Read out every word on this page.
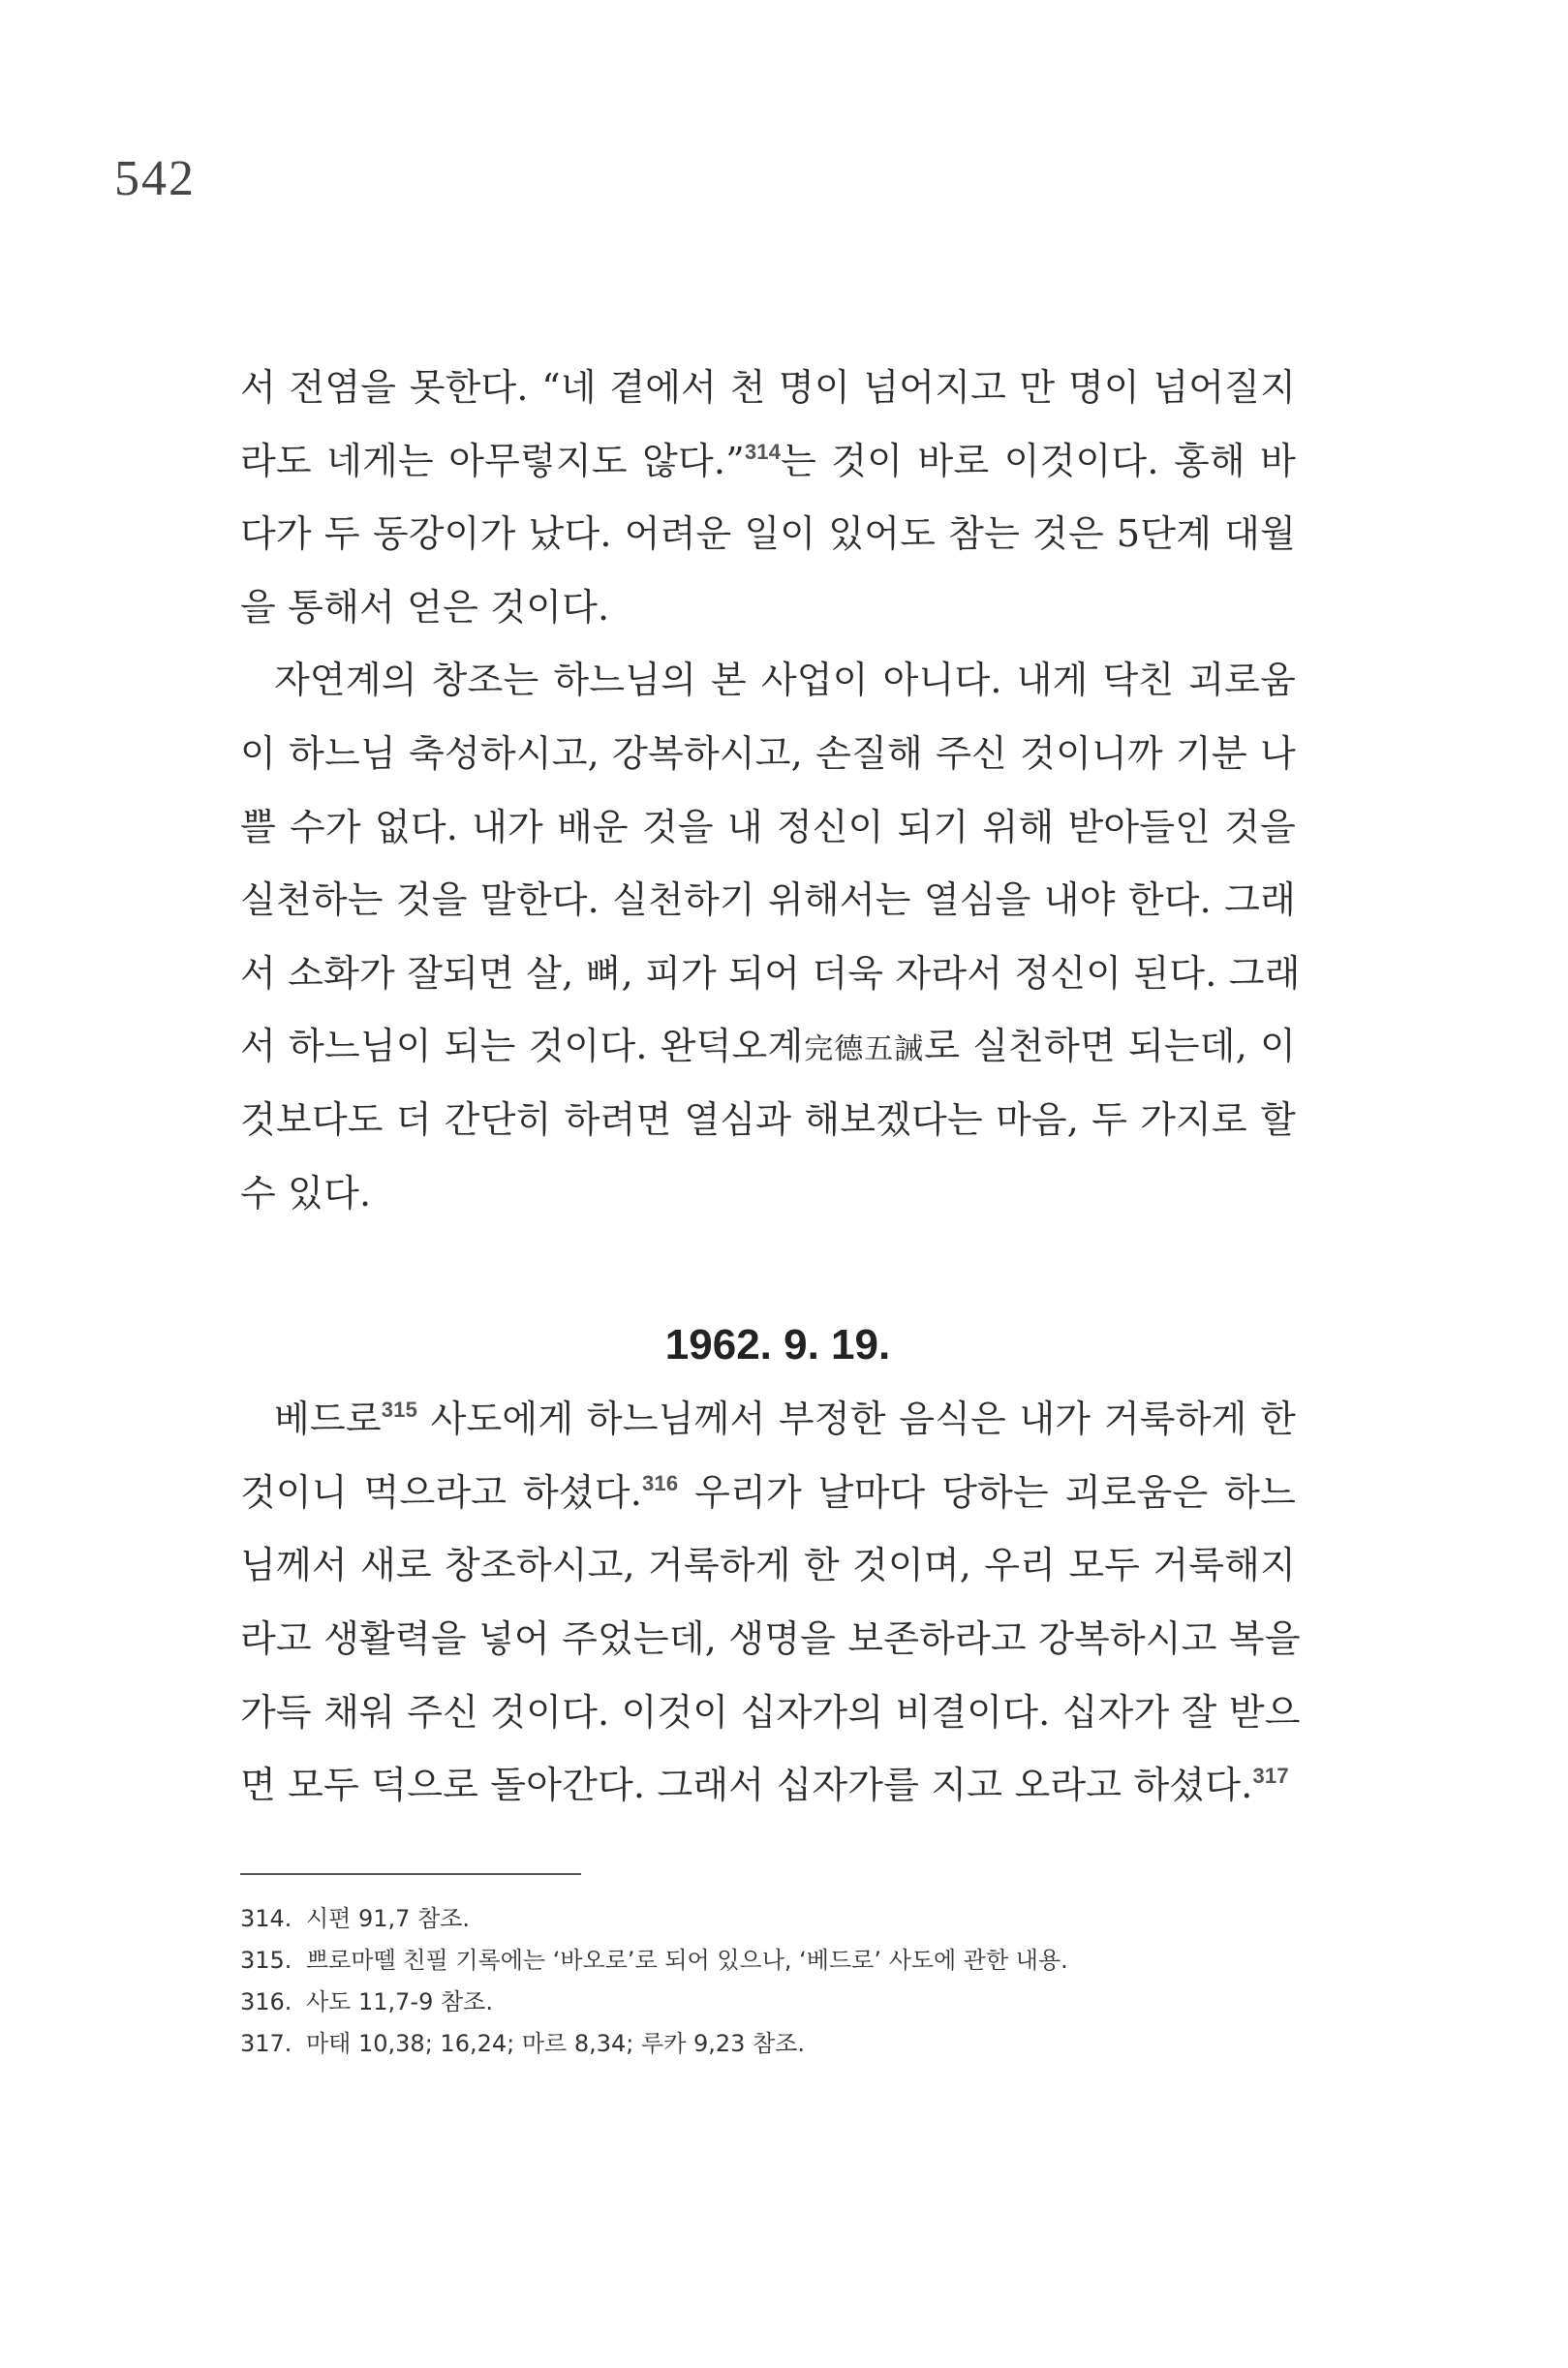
542
서 전염을 못한다. “네 곁에서 천 명이 넘어지고 만 명이 넘어질지
라도 네게는 아무렇지도 않다.”$^{314}$는 것이 바로 이것이다. 홍해 바
다가 두 동강이가 났다. 어려운 일이 있어도 참는 것은 5단계 대월
을 통해서 얻은 것이다.
자연계의 창조는 하느님의 본 사업이 아니다. 내게 닥친 괴로움
이 하느님 축성하시고, 강복하시고, 손질해 주신 것이니까 기분 나
쁠 수가 없다. 내가 배운 것을 내 정신이 되기 위해 받아들인 것을
실천하는 것을 말한다. 실천하기 위해서는 열심을 내야 한다. 그래
서 소화가 잘되면 살, 뼈, 피가 되어 더욱 자라서 정신이 된다. 그래
서 하느님이 되는 것이다. 완덕오계完德五誡로 실천하면 되는데, 이
것보다도 더 간단히 하려면 열심과 해보겠다는 마음, 두 가지로 할
수 있다.
1962. 9. 19.
베드로$^{315}$ 사도에게 하느님께서 부정한 음식은 내가 거룩하게 한
것이니 먹으라고 하셨다.$^{316}$ 우리가 날마다 당하는 괴로움은 하느
님께서 새로 창조하시고, 거룩하게 한 것이며, 우리 모두 거룩해지
라고 생활력을 넣어 주었는데, 생명을 보존하라고 강복하시고 복을
가득 채워 주신 것이다. 이것이 십자가의 비결이다. 십자가 잘 받으
면 모두 덕으로 돌아간다. 그래서 십자가를 지고 오라고 하셨다.$^{317}$
314. 시편 91,7 참조.
315. 쁘로마뗄 친필 기록에는 ‘바오로’로 되어 있으나, ‘베드로’ 사도에 관한 내용.
316. 사도 11,7-9 참조.
317. 마태 10,38; 16,24; 마르 8,34; 루카 9,23 참조.
